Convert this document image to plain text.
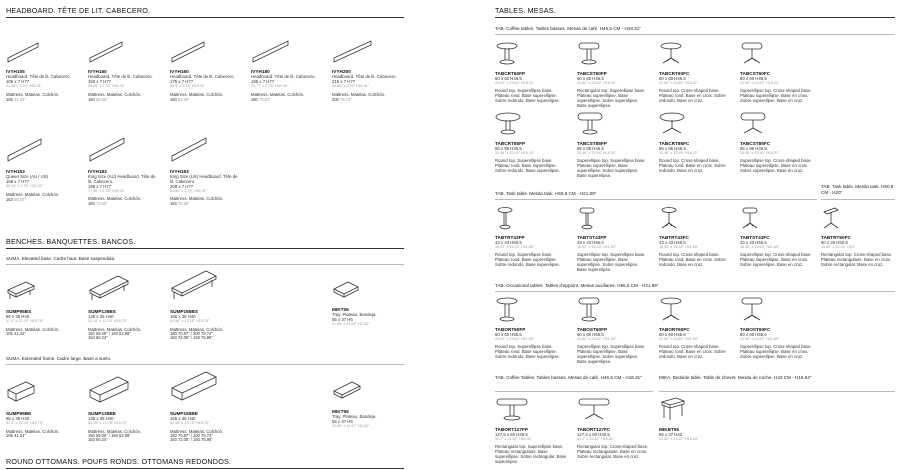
HEADBOARD. TÊTE DE LIT. CABECERO.
IVYH105
Headboard. Tête de lit. Cabecero.
105 x 7 H77
41.34"x 2.75" H30.31"
Mattress. Matelas. Colchón.
105 41.38"
IVYH150
Headboard. Tête de lit. Cabecero.
150 x 7 H77
59.05" x 2.75" H30.31"
Mattress. Matelas. Colchón.
150 59.06"
IVYH160
Headboard. Tête de lit. Cabecero.
175 x 7 H77
68.9" x 2.75" H30.31"
Mattress. Matelas. Colchón.
160 62.99"
IVYH180
Headboard. Tête de lit. Cabecero.
195 x 7 H77
76.77" x 2.75" H30.31"
Mattress. Matelas. Colchón.
180 70.87"
IVYH200
Headboard. Tête de lit. Cabecero.
215 x 7 H77
84.65" x 2.75" H30.31"
Mattress. Matelas. Colchón.
200 78.74"
IVYH153
Queen Size (AU / US)
168 x 7 H77
66.14" x 2.75" H30.31"
Mattress. Matelas. Colchón.
153 60.24"
IVYH183
King Size (AU) Headboard. Tête de lit. Cabecero.
198 x 7 H77
77.95" x 2.75" H30.31"
Mattress. Matelas. Colchón.
183 72.05"
IVYH193
King Size (US) Headboard. Tête de lit. Cabecero.
208 x 7 H77
81.89" x 2.75" H30.31"
Mattress. Matelas. Colchón.
193 75.98"
BENCHES. BANQUETTES. BANCOS.
SUMA. Elevated base. Cadre haut. Base suspendida.
SUMP95BS
95 x 35 H40
37.4" x 13.78" H15.75"
Mattress. Matelas. Colchón.
105 41.34"
SUMP135BS
135 x 35 H40
53.15" x 13.78" H15.75"
Mattress. Matelas. Colchón.
150 59.06" / 160 62.99"
153 60.24"
SUMP165BS
165 x 35 H40
64.96" x 13.78" H15.75"
Mattress. Matelas. Colchón.
180 70.87" / 200 78.74"
183 72.05" / 193 75.98"
MIKT55
Tray. Plateau. Bandeja.
55 x 37 H6
21.65" x 14.57" H2.36"
SUMA. Extended frame. Cadre large. Base a suelo.
SUMP95BE
95 x 35 H40
37.4" x 13.78" H15.75"
Mattress. Matelas. Colchón.
105 41.34"
SUMP135BE
135 x 35 H40
53.15" x 13.78" H15.75"
Mattress. Matelas. Colchón.
150 59.06" / 160 62.99"
153 60.24"
SUMP165BE
165 x 35 H40
64.96" x 13.78" H15.75"
Mattress. Matelas. Colchón.
180 70.87" / 200 78.74"
183 72.05" / 193 75.98"
MIKT55
Tray. Plateau. Bandeja.
55 x 37 H6
21.65" x 14.57" H2.36"
ROUND OTTOMANS. POUFS RONDS. OTTOMANS REDONDOS.
TABLES. MESAS.
TAB. Coffee tables. Tables basses. Mesas de café. H46,5 CM - H18.31"
TABCRT60FP
60 x 60 H46.5
23.62" x 23.62" H18.31"
Round top. Superellipse base. Plateau rond. Base superellipse. Sobre redondo. Base superelipse.
TABCST60FP
60 x 60 H46.5
23.62" x 23.62" H18.31"
Rectangular top. Superellipse base. Plateau superellipse. Base superellipse. Sobre superelipse. Base superelipse.
TABCRT60FC
60 x 60 H46.5
23.62" x 23.62" H18.31"
Round top. Cross-shaped base. Plateau rond. Base en croix. Sobre redondo. Base en cruz.
TABCST60FC
60 x 60 H46.5
23.62" x 23.62" H18.31"
Superellipse top. Cross-shaped base. Plateau superellipse. Base en croix. Sobre superelipse. Base en cruz.
TABCRT85FP
85 x 85 H46.5
33.46" x 33.46" H18.31"
Round top. Superellipse base. Plateau rond. Base superellipse. Sobre redondo. Base superelipse.
TABCST85FP
85 x 85 H46.5
33.46" x 33.46" H18.31"
Superellipse top. Superellipse base. Plateau superellipse. Base superellipse. Sobre superelipse. Base superelipse.
TABCRT85FC
85 x 85 H46.5
33.46" x 33.46" H18.31"
Round top. Cross-shaped base. Plateau rond. Base en croix. Sobre redondo. Base en cruz.
TABCST85FC
85 x 85 H46.5
33.46" x 33.46" H18.31"
Superellipse top. Cross-shaped base. Plateau superellipse. Base en croix. Sobre superelipse. Base en cruz.
TAB. Task table. Mesita task. H55,6 CM - H21.89"
TAB. Task table. Mesita task. H50,8 CM - H20"
TABTRT43FP
43 x 43 H55.6
16.93" x 16.93" H21.89"
Round top. Superellipse base. Plateau rond. Base superellipse. Sobre redondo. Base superelipse.
TABTST43FP
43 x 43 H55.6
16.93" x 16.93" H21.89"
Superellipse top. Superellipse base. Plateau superellipse. Base superellipse. Sobre superelipse. Base superelipse.
TABTRT43FC
43 x 43 H55.6
16.93" x 16.93" H21.89"
Round top. Cross-shaped base. Plateau rond. Base en croix. Sobre redondo. Base en cruz.
TABTST43FC
43 x 43 H55.6
16.93" x 16.93" H21.89"
Superellipse top. Cross-shaped base. Plateau superellipse. Base en croix. Sobre superelipse. Base en cruz.
TABTRT50FC
50 x 26 H50.8
19.69" x 10.24" H20"
Rectangular top. Cross-shaped base. Plateau rectangulaire. Base en croix. Sobre rectangular. Base en cruz.
TAB. Occasional tables. Tables d'appoint. Mesas auxiliares. H55,6 CM - H21.89"
TABORT60FP
60 x 60 H55.6
23.62" x 23.62" H21.89"
Round top. Superellipse base. Plateau rond. Base superellipse. Sobre redondo. Base superelipse.
TABOST60FP
60 x 60 H55.6
23.62" x 23.62" H21.89"
Superellipse top. Superellipse base. Plateau superellipse. Base superellipse. Sobre superelipse. Base superelipse.
TABORT60FC
60 x 60 H55.6
23.62" x 23.62" H21.89"
Round top. Cross-shaped base. Plateau rond. Base en croix. Sobre redondo. Base en cruz.
TABOST60FC
60 x 60 H55.6
23.62" x 23.62" H21.89"
Superellipse top. Cross-shaped base. Plateau superellipse. Base en croix. Sobre superelipse. Base en cruz.
TAB. Coffee Tables. Tables basses. Mesas de café. H46,5 CM - H18.31"	MIKA. Bedside table. Table de chevet. Mesita de noche. H42 CM - H16.54"
TABORT127FP
127,5 x 60 H46.5
50.2" x 23.62" H18.31"
Rectangular top. Superellipse base. Plateau rectangulaire. Base superellipse. Sobre rectangular. Base superelipse.
TABORT127FC
127,5 x 60 H46.5
50.2" x 23.62" H18.31"
Rectangular top. Cross-shaped base. Plateau rectangulaire. Base en croix. Sobre rectangular. Base en cruz.
MIKBT55
55 x 37 H42
21.65" x 14.57" H16.54"
